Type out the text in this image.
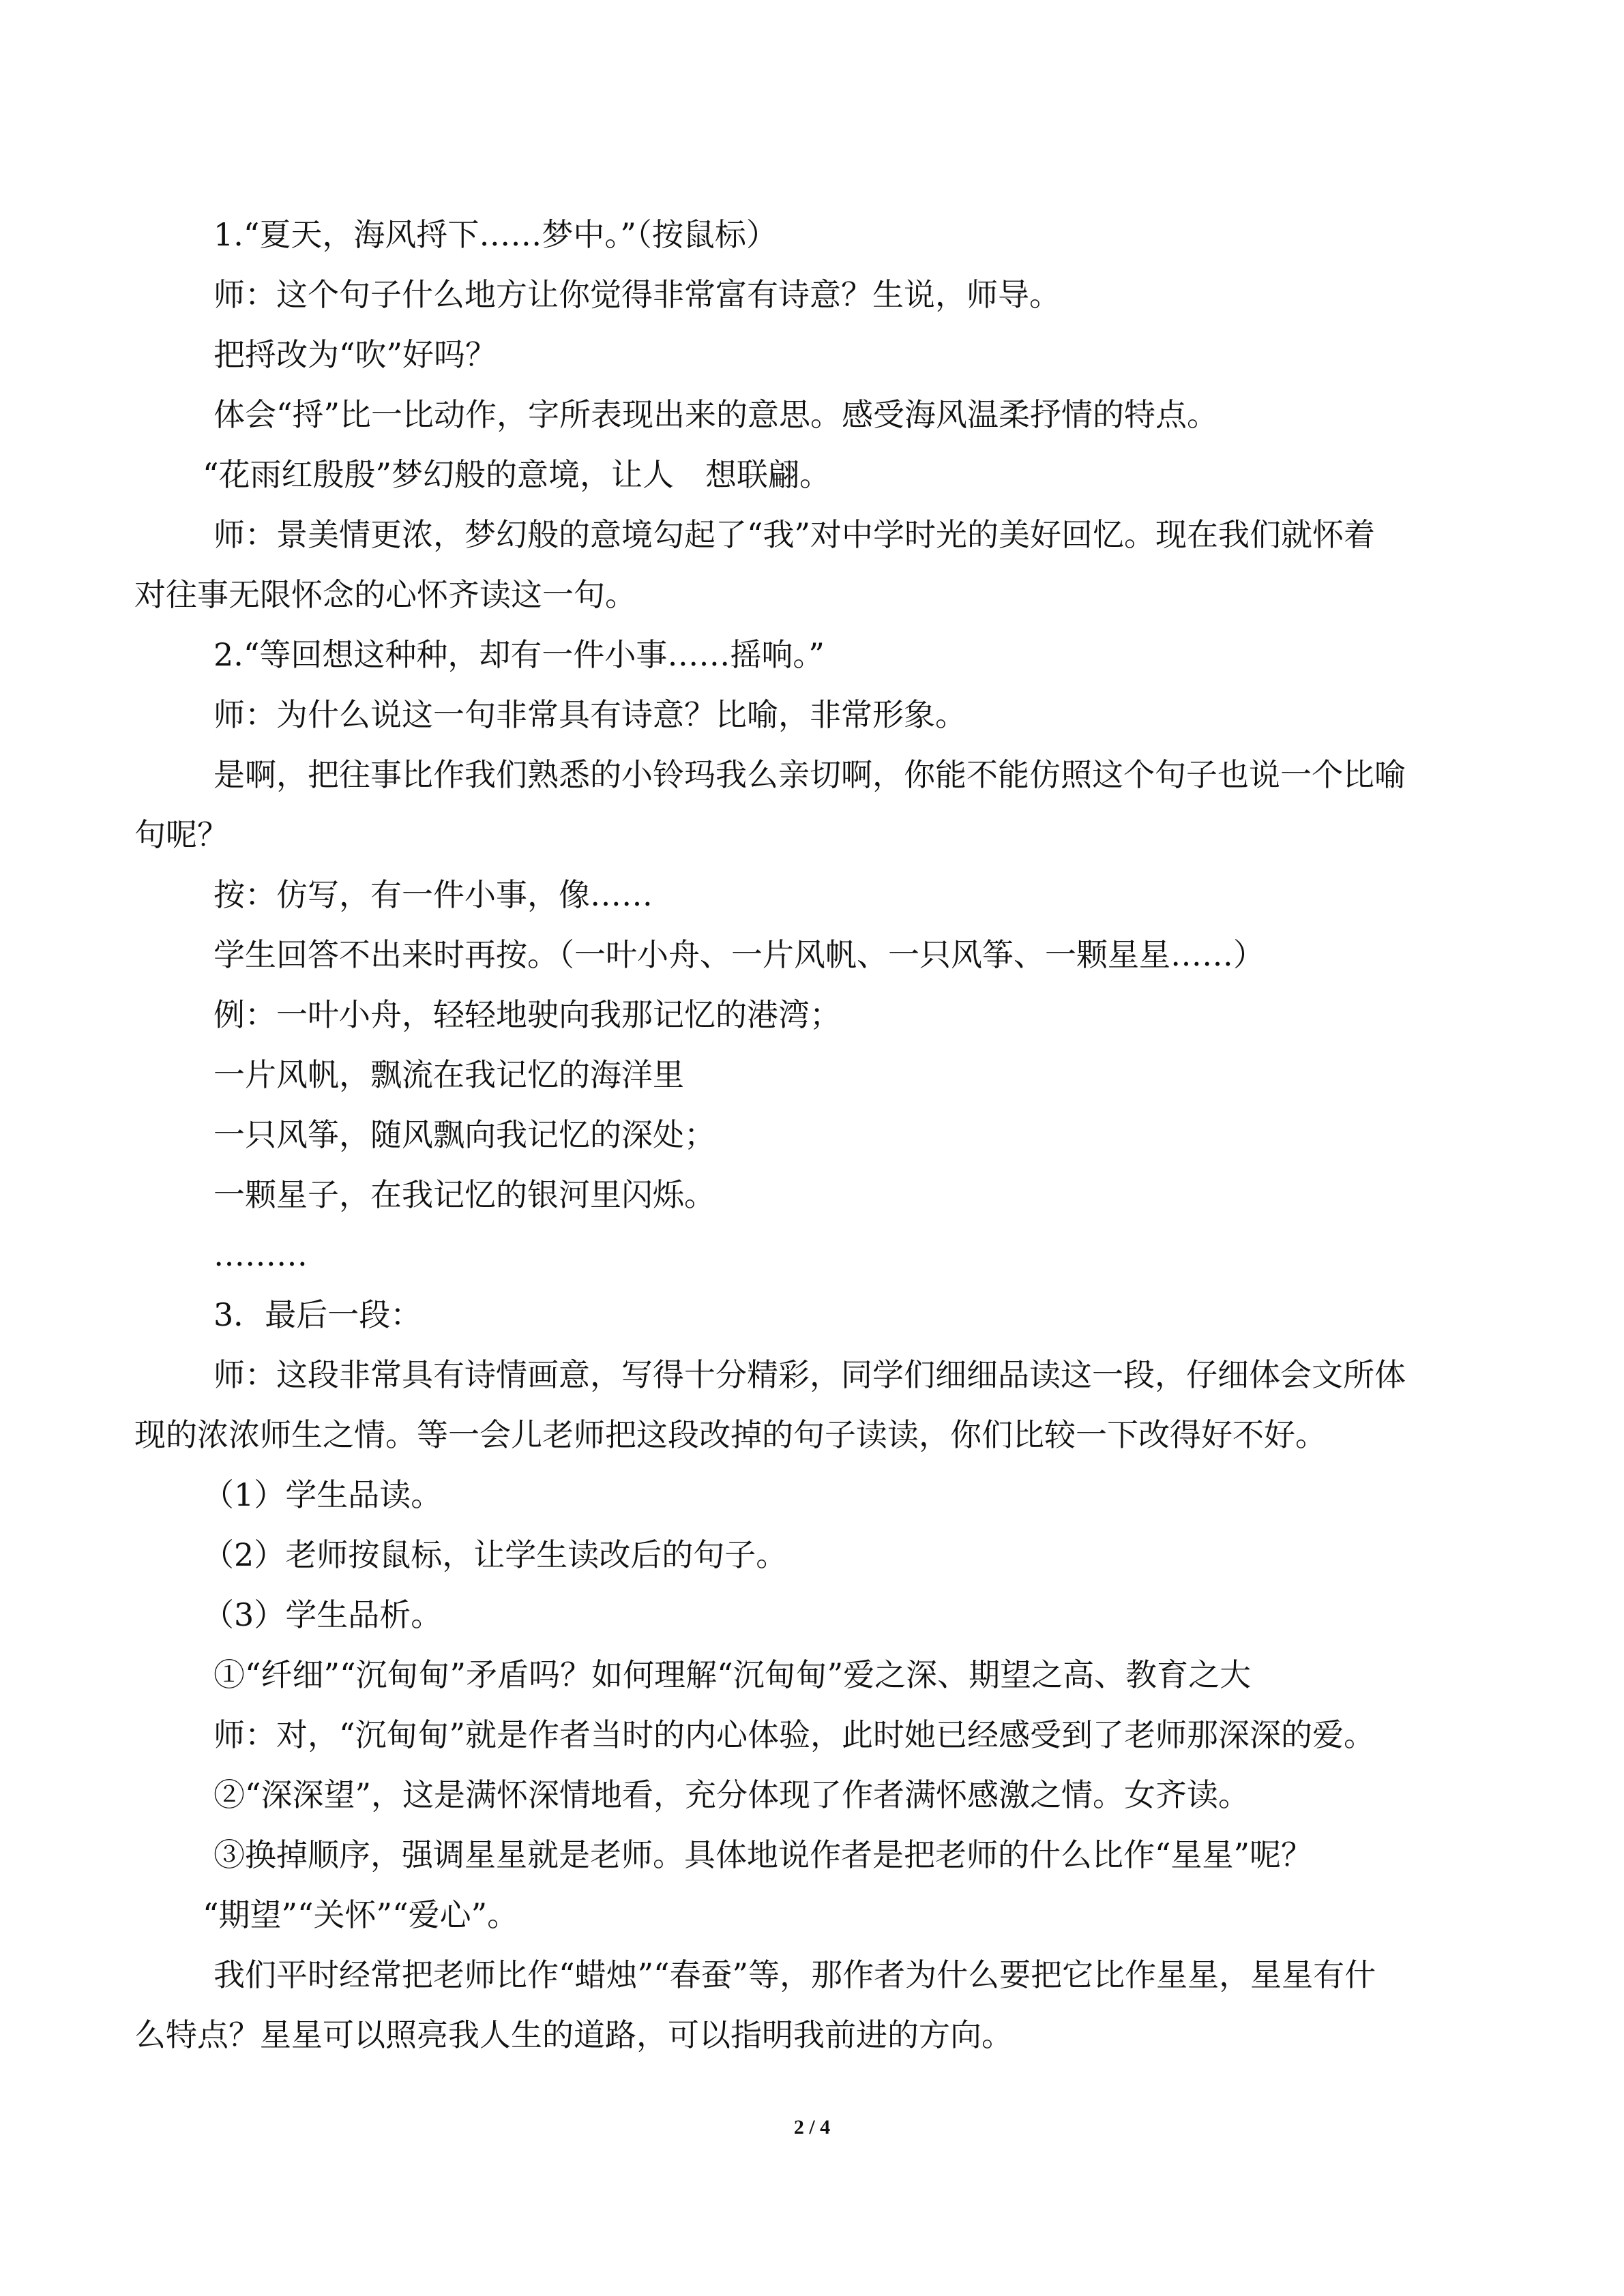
1.“夏天，海风捋下……梦中。”（按鼠标）
师：这个句子什么地方让你觉得非常富有诗意？生说，师导。
把捋改为“吹”好吗？
体会“捋”比一比动作，字所表现出来的意思。感受海风温柔抒情的特点。
“花雨红殷殷”梦幻般的意境，让人　想联翩。
师：景美情更浓，梦幻般的意境勾起了“我”对中学时光的美好回忆。现在我们就怀着
对往事无限怀念的心怀齐读这一句。
2.“等回想这种种，却有一件小事……摇响。”
师：为什么说这一句非常具有诗意？比喻，非常形象。
是啊，把往事比作我们熟悉的小铃玛我么亲切啊，你能不能仿照这个句子也说一个比喻
句呢？
按：仿写，有一件小事，像……
学生回答不出来时再按。（一叶小舟、一片风帆、一只风筝、一颗星星……）
例：一叶小舟，轻轻地驶向我那记忆的港湾；
一片风帆，飘流在我记忆的海洋里
一只风筝，随风飘向我记忆的深处；
一颗星子，在我记忆的银河里闪烁。
………
3．最后一段：
师：这段非常具有诗情画意，写得十分精彩，同学们细细品读这一段，仔细体会文所体
现的浓浓师生之情。等一会儿老师把这段改掉的句子读读，你们比较一下改得好不好。
（1）学生品读。
（2）老师按鼠标，让学生读改后的句子。
（3）学生品析。
①“纤细”“沉甸甸”矛盾吗？如何理解“沉甸甸”爱之深、期望之高、教育之大
师：对，“沉甸甸”就是作者当时的内心体验，此时她已经感受到了老师那深深的爱。
②“深深望”，这是满怀深情地看，充分体现了作者满怀感激之情。女齐读。
③换掉顺序，强调星星就是老师。具体地说作者是把老师的什么比作“星星”呢？
“期望”“关怀”“爱心”。
我们平时经常把老师比作“蜡烛”“春蚕”等，那作者为什么要把它比作星星，星星有什
么特点？星星可以照亮我人生的道路，可以指明我前进的方向。
2 / 4
